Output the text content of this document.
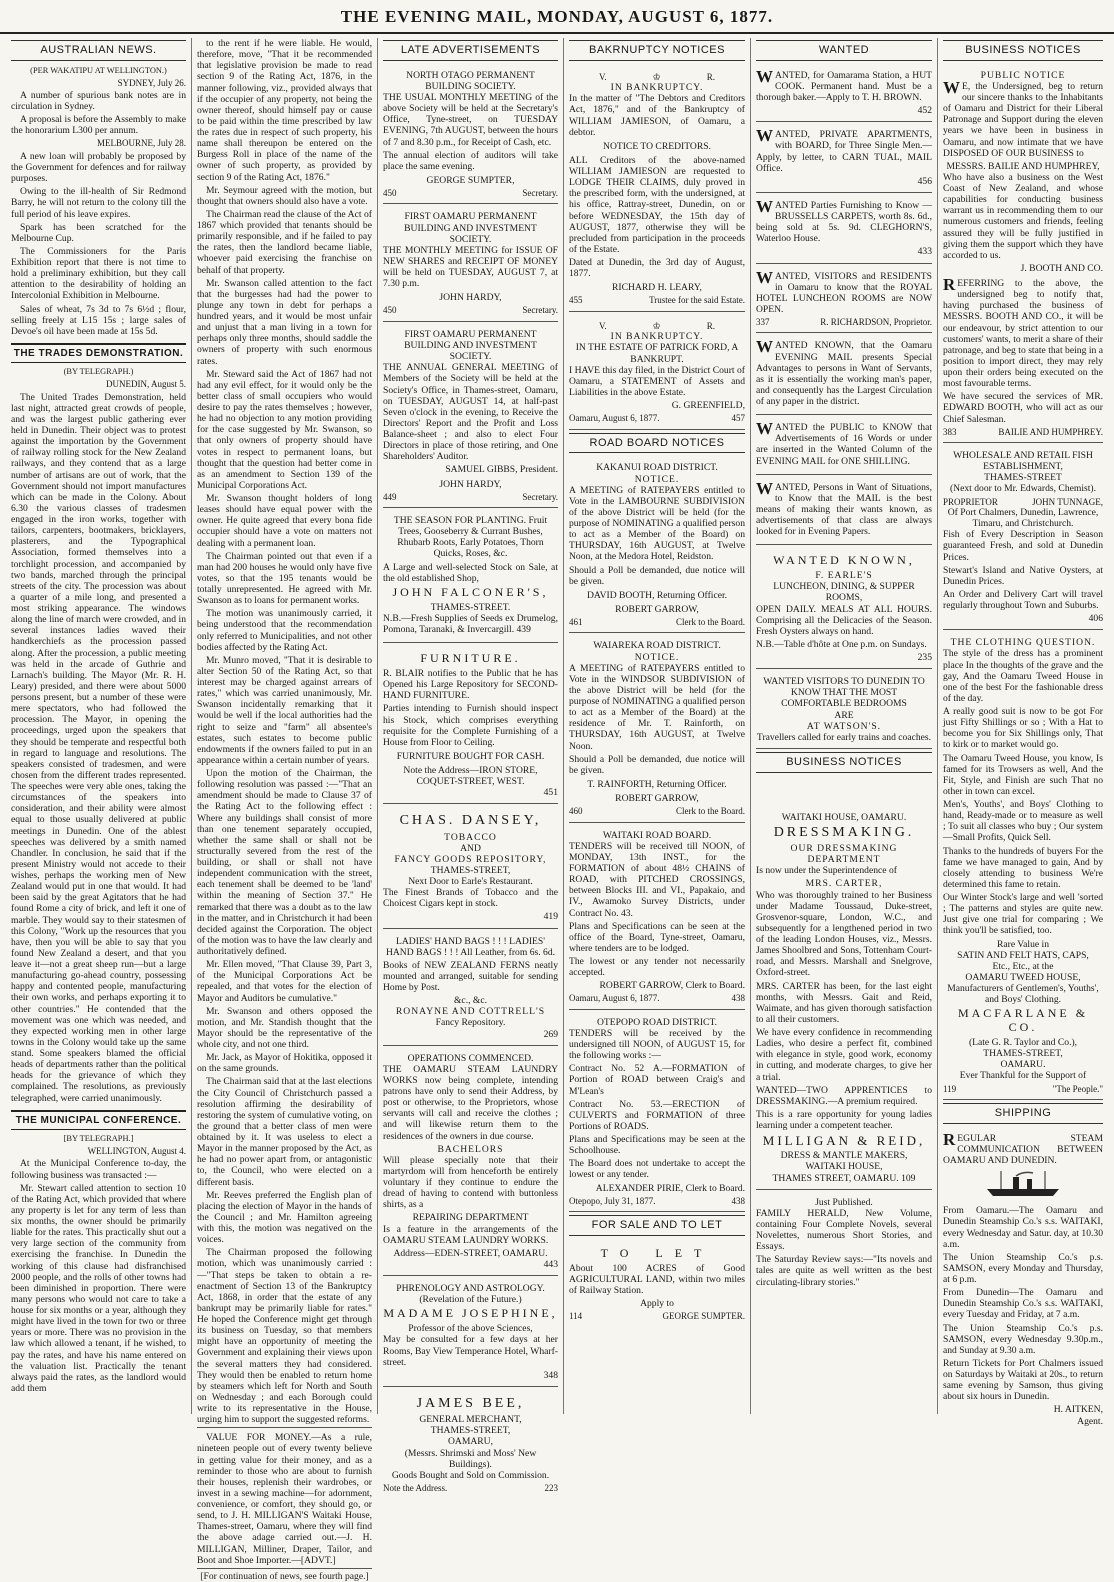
THE EVENING MAIL, MONDAY, AUGUST 6, 1877.
AUSTRALIAN NEWS.
(PER WAKATIPU AT WELLINGTON.)
SYDNEY, July 26.

A number of spurious bank notes are in circulation in Sydney.

A proposal is before the Assembly to make the honorarium L300 per annum.

MELBOURNE, July 28.

A new loan will probably be proposed by the Government for defences and for railway purposes.

Owing to the ill-health of Sir Redmond Barry, he will not return to the colony till the full period of his leave expires.

Spark has been scratched for the Melbourne Cup.

The Commissioners for the Paris Exhibition report that there is not time to hold a preliminary exhibition, but they call attention to the desirability of holding an Intercolonial Exhibition in Melbourne.

Sales of wheat, 7s 3d to 7s 6½d ; flour, selling freely at L15 15s ; large sales of Devoe's oil have been made at 15s 5d.

THE TRADES DEMONSTRATION.
(BY TELEGRAPH.)
DUNEDIN, August 5.

The United Trades Demonstration, held last night, attracted great crowds of people, and was the largest public gathering ever held in Dunedin. Their object was to protest against the importation by the Government of railway rolling stock for the New Zealand railways, and they contend that as a large number of artisans are out of work, that the Government should not import manufactures which can be made in the Colony. About 6.30 the various classes of tradesmen engaged in the iron works, together with tailors, carpenters, bootmakers, bricklayers, plasterers, and the Typographical Association, formed themselves into a torchlight procession, and accompanied by two bands, marched through the principal streets of the city. The procession was about a quarter of a mile long, and presented a most striking appearance. The windows along the line of march were crowded, and in several instances ladies waved their handkerchiefs as the procession passed along. After the procession, a public meeting was held in the arcade of Guthrie and Larnach's building. The Mayor (Mr. R. H. Leary) presided, and there were about 5000 persons present, but a number of these were mere spectators, who had followed the procession. The Mayor, in opening the proceedings, urged upon the speakers that they should be temperate and respectful both in regard to language and resolutions. The speakers consisted of tradesmen, and were chosen from the different trades represented. The speeches were very able ones, taking the circumstances of the speakers into consideration, and their ability were almost equal to those usually delivered at public meetings in Dunedin. One of the ablest speeches was delivered by a smith named Chandler. In conclusion, he said that if the present Ministry would not accede to their wishes, perhaps the working men of New Zealand would put in one that would. It had been said by the great Agitators that he had found Rome a city of brick, and left it one of marble. They would say to their statesmen of this Colony, "Work up the resources that you have, then you will be able to say that you found New Zealand a desert, and that you leave it—not a great sheep run—but a large manufacturing go-ahead country, possessing happy and contented people, manufacturing their own works, and perhaps exporting it to other countries." He contended that the movement was one which was needed, and they expected working men in other large towns in the Colony would take up the same stand. Some speakers blamed the official heads of departments rather than the political heads for the grievance of which they complained. The resolutions, as previously telegraphed, were carried unanimously.

THE MUNICIPAL CONFERENCE.
[BY TELEGRAPH.]
WELLINGTON, August 4.

At the Municipal Conference to-day, the following business was transacted :—

Mr. Stewart called attention to section 10 of the Rating Act, which provided that where any property is let for any term of less than six months, the owner should be primarily liable for the rates. This practically shut out a very large section of the community from exercising the franchise. In Dunedin the working of this clause had disfranchised 2000 people, and the rolls of other towns had been diminished in proportion. There were many persons who would not care to take a house for six months or a year, although they might have lived in the town for two or three years or more. There was no provision in the law which allowed a tenant, if he wished, to pay the rates, and have his name entered on the valuation list. Practically the tenant always paid the rates, as the landlord would add them

to the rent if he were liable. He would, therefore, move, "That it be recommended that legislative provision be made to read section 9 of the Rating Act, 1876, in the manner following, viz., provided always that if the occupier of any property, not being the owner thereof, should himself pay or cause to be paid within the time prescribed by law the rates due in respect of such property, his name shall thereupon be entered on the Burgess Roll in place of the name of the owner of such property, as provided by section 9 of the Rating Act, 1876."

Mr. Seymour agreed with the motion, but thought that owners should also have a vote.

The Chairman read the clause of the Act of 1867 which provided that tenants should be primarily responsible, and if he failed to pay the rates, then the landlord became liable, whoever paid exercising the franchise on behalf of that property.

Mr. Swanson called attention to the fact that the burgesses had had the power to plunge any town in debt for perhaps a hundred years, and it would be most unfair and unjust that a man living in a town for perhaps only three months, should saddle the owners of property with such enormous rates.

Mr. Steward said the Act of 1867 had not had any evil effect, for it would only be the better class of small occupiers who would desire to pay the rates themselves ; however, he had no objection to any motion providing for the case suggested by Mr. Swanson, so that only owners of property should have votes in respect to permanent loans, but thought that the question had better come in as an amendment to Section 139 of the Municipal Corporations Act.

Mr. Swanson thought holders of long leases should have equal power with the owner. He quite agreed that every bona fide occupier should have a vote on matters not dealing with a permanent loan.

The Chairman pointed out that even if a man had 200 houses he would only have five votes, so that the 195 tenants would be totally unrepresented. He agreed with Mr. Swanson as to loans for permanent works.

The motion was unanimously carried, it being understood that the recommendation only referred to Municipalities, and not other bodies affected by the Rating Act.

Mr. Munro moved, "That it is desirable to alter Section 50 of the Rating Act, so that interest may be charged against arrears of rates," which was carried unanimously, Mr. Swanson incidentally remarking that it would be well if the local authorities had the right to seize and "farm" all absentee's estates, such estates to become public endowments if the owners failed to put in an appearance within a certain number of years.

Upon the motion of the Chairman, the following resolution was passed :—"That an amendment should be made to Clause 37 of the Rating Act to the following effect : Where any buildings shall consist of more than one tenement separately occupied, whether the same shall or shall not be structurally severed from the rest of the building, or shall or shall not have independent communication with the street, each tenement shall be deemed to be 'land' within the meaning of Section 37." He remarked that there was a doubt as to the law in the matter, and in Christchurch it had been decided against the Corporation. The object of the motion was to have the law clearly and authoritatively defined.

Mr. Ellen moved, "That Clause 39, Part 3, of the Municipal Corporations Act be repealed, and that votes for the election of Mayor and Auditors be cumulative."

Mr. Swanson and others opposed the motion, and Mr. Standish thought that the Mayor should be the representative of the whole city, and not one third.

Mr. Jack, as Mayor of Hokitika, opposed it on the same grounds.

The Chairman said that at the last elections the City Council of Christchurch passed a resolution affirming the desirability of restoring the system of cumulative voting, on the ground that a better class of men were obtained by it. It was useless to elect a Mayor in the manner proposed by the Act, as he had no power apart from, or antagonistic to, the Council, who were elected on a different basis.

Mr. Reeves preferred the English plan of placing the election of Mayor in the hands of the Council ; and Mr. Hamilton agreeing with this, the motion was negatived on the voices.

The Chairman proposed the following motion, which was unanimously carried :—"That steps be taken to obtain a re-enactment of Section 13 of the Bankruptcy Act, 1868, in order that the estate of any bankrupt may be primarily liable for rates." He hoped the Conference might get through its business on Tuesday, so that members might have an opportunity of meeting the Government and explaining their views upon the several matters they had considered. They would then be enabled to return home by steamers which left for North and South on Wednesday ; and each Borough could write to its representative in the House, urging him to support the suggested reforms.

VALUE FOR MONEY.—As a rule, nineteen people out of every twenty believe in getting value for their money, and as a reminder to those who are about to furnish their houses, replenish their wardrobes, or invest in a sewing machine—for adornment, convenience, or comfort, they should go, or send, to J. H. MILLIGAN'S Waitaki House, Thames-street, Oamaru, where they will find the above adage carried out.—J. H. MILLIGAN, Milliner, Draper, Tailor, and Boot and Shoe Importer.—[ADVT.]

[For continuation of news, see fourth page.]
LATE ADVERTISEMENTS
NORTH OTAGO PERMANENT BUILDING SOCIETY.

THE USUAL MONTHLY MEETING of the above Society will be held at the Secretary's Office, Tyne-street, on TUESDAY EVENING, 7th AUGUST, between the hours of 7 and 8.30 p.m., for Receipt of Cash, etc.

The annual election of auditors will take place the same evening.

GEORGE SUMPTER,
450	Secretary.
FIRST OAMARU PERMANENT BUILDING AND INVESTMENT SOCIETY.

THE MONTHLY MEETING for ISSUE OF NEW SHARES and RECEIPT OF MONEY will be held on TUESDAY, AUGUST 7, at 7.30 p.m.

JOHN HARDY,
450	Secretary.
FIRST OAMARU PERMANENT BUILDING AND INVESTMENT SOCIETY.

THE ANNUAL GENERAL MEETING of Members of the Society will be held at the Society's Office, in Thames-street, Oamaru, on TUESDAY, AUGUST 14, at half-past Seven o'clock in the evening, to Receive the Directors' Report and the Profit and Loss Balance-sheet ; and also to elect Four Directors in place of those retiring, and One Shareholders' Auditor.

SAMUEL GIBBS, President.
JOHN HARDY,
449	Secretary.

THE SEASON FOR PLANTING. Fruit Trees, Gooseberry & Currant Bushes, Rhubarb Roots, Early Potatoes, Thorn Quicks, Roses, &c.

A Large and well-selected Stock on Sale, at the old established Shop,

JOHN FALCONER'S,
THAMES-STREET.

N.B.—Fresh Supplies of Seeds ex Drumelog, Pomona, Taranaki, & Invercargill. 439

FURNITURE.

R. BLAIR notifies to the Public that he has Opened his Large Repository for SECOND-HAND FURNITURE.

Parties intending to Furnish should inspect his Stock, which comprises everything requisite for the Complete Furnishing of a House from Floor to Ceiling.

FURNITURE BOUGHT FOR CASH.
Note the Address—IRON STORE, COQUET-STREET, WEST.
451
CHAS. DANSEY,
TOBACCO
AND
FANCY GOODS REPOSITORY,
THAMES-STREET,
Next Door to Earle's Restaurant.

The Finest Brands of Tobacco and the Choicest Cigars kept in stock.

419

LADIES' HAND BAGS ! ! ! LADIES' HAND BAGS ! ! ! All Leather, from 6s. 6d.

Books of NEW ZEALAND FERNS neatly mounted and arranged, suitable for sending Home by Post.

&c., &c.
RONAYNE AND COTTRELL'S
Fancy Repository.
269
OPERATIONS COMMENCED.

THE OAMARU STEAM LAUNDRY WORKS now being complete, intending patrons have only to send their Address, by post or otherwise, to the Proprietors, whose servants will call and receive the clothes ; and will likewise return them to the residences of the owners in due course.

BACHELORS

Will please specially note that their martyrdom will from henceforth be entirely voluntary if they continue to endure the dread of having to contend with buttonless shirts, as a

REPAIRING DEPARTMENT

Is a feature in the arrangements of the OAMARU STEAM LAUNDRY WORKS.

Address—EDEN-STREET, OAMARU.
443
PHRENOLOGY AND ASTROLOGY.
(Revelation of the Future.)
MADAME JOSEPHINE,
Professor of the above Sciences,

May be consulted for a few days at her Rooms, Bay View Temperance Hotel, Wharf-street.

348
JAMES BEE,
GENERAL MERCHANT,
THAMES-STREET,
OAMARU,
(Messrs. Shrimski and Moss' New Buildings).
Goods Bought and Sold on Commission.
Note the Address.	223
BAKRNUPTCY NOTICES
V.	♔	R.
IN BANKRUPTCY.

In the matter of "The Debtors and Creditors Act, 1876," and of the Bankruptcy of WILLIAM JAMIESON, of Oamaru, a debtor.

NOTICE TO CREDITORS.

ALL Creditors of the above-named WILLIAM JAMIESON are requested to LODGE THEIR CLAIMS, duly proved in the prescribed form, with the undersigned, at his office, Rattray-street, Dunedin, on or before WEDNESDAY, the 15th day of AUGUST, 1877, otherwise they will be precluded from participation in the proceeds of the Estate.

Dated at Dunedin, the 3rd day of August, 1877.

RICHARD H. LEARY,
455	Trustee for the said Estate.
V.	♔	R.
IN BANKRUPTCY.
IN THE ESTATE OF PATRICK FORD, A BANKRUPT.

I HAVE this day filed, in the District Court of Oamaru, a STATEMENT of Assets and Liabilities in the above Estate.

G. GREENFIELD,
Oamaru, August 6, 1877.	457
ROAD BOARD NOTICES
KAKANUI ROAD DISTRICT.
NOTICE.

A MEETING of RATEPAYERS entitled to Vote in the LAMBOURNE SUBDIVISION of the above District will be held (for the purpose of NOMINATING a qualified person to act as a Member of the Board) on THURSDAY, 16th AUGUST, at Twelve Noon, at the Medora Hotel, Reidston.

Should a Poll be demanded, due notice will be given.

DAVID BOOTH, Returning Officer.
ROBERT GARROW,
461	Clerk to the Board.
WAIAREKA ROAD DISTRICT.
NOTICE.

A MEETING of RATEPAYERS entitled to Vote in the WINDSOR SUBDIVISION of the above District will be held (for the purpose of NOMINATING a qualified person to act as a Member of the Board) at the residence of Mr. T. Rainforth, on THURSDAY, 16th AUGUST, at Twelve Noon.

Should a Poll be demanded, due notice will be given.

T. RAINFORTH, Returning Officer.
ROBERT GARROW,
460	Clerk to the Board.
WAITAKI ROAD BOARD.

TENDERS will be received till NOON, of MONDAY, 13th INST., for the FORMATION of about 48½ CHAINS of ROAD, with PITCHED CROSSINGS, between Blocks III. and VI., Papakaio, and IV., Awamoko Survey Districts, under Contract No. 43.

Plans and Specifications can be seen at the office of the Board, Tyne-street, Oamaru, where tenders are to be lodged.

The lowest or any tender not necessarily accepted.

ROBERT GARROW, Clerk to Board.
Oamaru, August 6, 1877.	438
OTEPOPO ROAD DISTRICT.

TENDERS will be received by the undersigned till NOON, of AUGUST 15, for the following works :—

Contract No. 52 A.—FORMATION of Portion of ROAD between Craig's and M'Lean's

Contract No. 53.—ERECTION of CULVERTS and FORMATION of three Portions of ROADS.

Plans and Specifications may be seen at the Schoolhouse.

The Board does not undertake to accept the lowest or any tender.

ALEXANDER PIRIE, Clerk to Board.
Otepopo, July 31, 1877.	438
FOR SALE AND TO LET
TO LET

About 100 ACRES of Good AGRICULTURAL LAND, within two miles of Railway Station.

Apply to
114	GEORGE SUMPTER.
WANTED

WANTED, for Oamarama Station, a HUT COOK. Permanent hand. Must be a thorough baker.—Apply to T. H. BROWN.

452

WANTED, PRIVATE APARTMENTS, with BOARD, for Three Single Men.—Apply, by letter, to CARN TUAL, MAIL Office.

456

WANTED Parties Furnishing to Know —BRUSSELLS CARPETS, worth 8s. 6d., being sold at 5s. 9d. CLEGHORN'S, Waterloo House.

433

WANTED, VISITORS and RESIDENTS in Oamaru to know that the ROYAL HOTEL LUNCHEON ROOMS are NOW OPEN.

337	R. RICHARDSON, Proprietor.

WANTED KNOWN, that the Oamaru EVENING MAIL presents Special Advantages to persons in Want of Servants, as it is essentially the working man's paper, and consequently has the Largest Circulation of any paper in the district.

WANTED the PUBLIC to KNOW that Advertisements of 16 Words or under are inserted in the Wanted Column of the EVENING MAIL for ONE SHILLING.

WANTED, Persons in Want of Situations, to Know that the MAIL is the best means of making their wants known, as advertisements of that class are always looked for in Evening Papers.

WANTED KNOWN,
F. EARLE'S
LUNCHEON, DINING, & SUPPER ROOMS,

OPEN DAILY. MEALS AT ALL HOURS. Comprising all the Delicacies of the Season. Fresh Oysters always on hand.

N.B.—Table d'hôte at One p.m. on Sundays.

235
WANTED VISITORS TO DUNEDIN TO KNOW THAT THE MOST COMFORTABLE BEDROOMS
ARE
AT WATSON'S.
Travellers called for early trains and coaches.
BUSINESS NOTICES
WAITAKI HOUSE, OAMARU.
DRESSMAKING.
OUR DRESSMAKING DEPARTMENT

Is now under the Superintendence of

MRS. CARTER,

Who was thoroughly trained to her Business under Madame Toussaud, Duke-street, Grosvenor-square, London, W.C., and subsequently for a lengthened period in two of the leading London Houses, viz., Messrs. James Shoolbred and Sons, Tottenham Court-road, and Messrs. Marshall and Snelgrove, Oxford-street.

MRS. CARTER has been, for the last eight months, with Messrs. Gait and Reid, Waimate, and has given thorough satisfaction to all their customers.

We have every confidence in recommending Ladies, who desire a perfect fit, combined with elegance in style, good work, economy in cutting, and moderate charges, to give her a trial.

WANTED—TWO APPRENTICES to DRESSMAKING.—A premium required.

This is a rare opportunity for young ladies learning under a competent teacher.

MILLIGAN & REID,
DRESS & MANTLE MAKERS,
WAITAKI HOUSE,
THAMES STREET, OAMARU. 109
Just Published.

FAMILY HERALD, New Volume, containing Four Complete Novels, several Novelettes, numerous Short Stories, and Essays.

The Saturday Review says:—"Its novels and tales are quite as well written as the best circulating-library stories."

BUSINESS NOTICES
PUBLIC NOTICE

WE, the Undersigned, beg to return our sincere thanks to the Inhabitants of Oamaru and District for their Liberal Patronage and Support during the eleven years we have been in business in Oamaru, and now intimate that we have DISPOSED OF OUR BUSINESS to

MESSRS. BAILIE AND HUMPHREY,

Who have also a business on the West Coast of New Zealand, and whose capabilities for conducting business warrant us in recommending them to our numerous customers and friends, feeling assured they will be fully justified in giving them the support which they have accorded to us.

J. BOOTH AND CO.

REFERRING to the above, the undersigned beg to notify that, having purchased the business of MESSRS. BOOTH AND CO., it will be our endeavour, by strict attention to our customers' wants, to merit a share of their patronage, and beg to state that being in a position to import direct, they may rely upon their orders being executed on the most favourable terms.

We have secured the services of MR. EDWARD BOOTH, who will act as our Chief Salesman.

383	BAILIE AND HUMPHREY.
WHOLESALE AND RETAIL FISH ESTABLISHMENT,
THAMES-STREET
(Next door to Mr. Edwards, Chemist).
PROPRIETOR	JOHN TUNNAGE,
Of Port Chalmers, Dunedin, Lawrence, Timaru, and Christchurch.

Fish of Every Description in Season guaranteed Fresh, and sold at Dunedin Prices.

Stewart's Island and Native Oysters, at Dunedin Prices.

An Order and Delivery Cart will travel regularly throughout Town and Suburbs.

406
THE CLOTHING QUESTION.

The style of the dress has a prominent place In the thoughts of the grave and the gay, And the Oamaru Tweed House in one of the best For the fashionable dress of the day.

A really good suit is now to be got For just Fifty Shillings or so ; With a Hat to become you for Six Shillings only, That to kirk or to market would go.

The Oamaru Tweed House, you know, Is famed for its Trowsers as well, And the Fit, Style, and Finish are such That no other in town can excel.

Men's, Youths', and Boys' Clothing to hand, Ready-made or to measure as well ; To suit all classes who buy ; Our system—Small Profits, Quick Sell.

Thanks to the hundreds of buyers For the fame we have managed to gain, And by closely attending to business We're determined this fame to retain.

Our Winter Stock's large and well 'sorted ; The patterns and styles are quite new. Just give one trial for comparing ; We think you'll be satisfied, too.

Rare Value in
SATIN AND FELT HATS, CAPS,
Etc., Etc., at the
OAMARU TWEED HOUSE,
Manufacturers of Gentlemen's, Youths', and Boys' Clothing.
MACFARLANE & CO.
(Late G. R. Taylor and Co.),
THAMES-STREET,
OAMARU.
Ever Thankful for the Support of
119	"The People."
SHIPPING

REGULAR STEAM COMMUNICATION BETWEEN OAMARU AND DUNEDIN.

From Oamaru.—The Oamaru and Dunedin Steamship Co.'s s.s. WAITAKI, every Wednesday and Satur. day, at 10.30 a.m.

The Union Steamship Co.'s p.s. SAMSON, every Monday and Thursday, at 6 p.m.

From Dunedin—The Oamaru and Dunedin Steamship Co.'s s.s. WAITAKI, every Tuesday and Friday, at 7 a.m.

The Union Steamship Co.'s p.s. SAMSON, every Wednesday 9.30p.m., and Sunday at 9.30 a.m.

Return Tickets for Port Chalmers issued on Saturdays by Waitaki at 20s., to return same evening by Samson, thus giving about six hours in Dunedin.

H. AITKEN,
Agent.
